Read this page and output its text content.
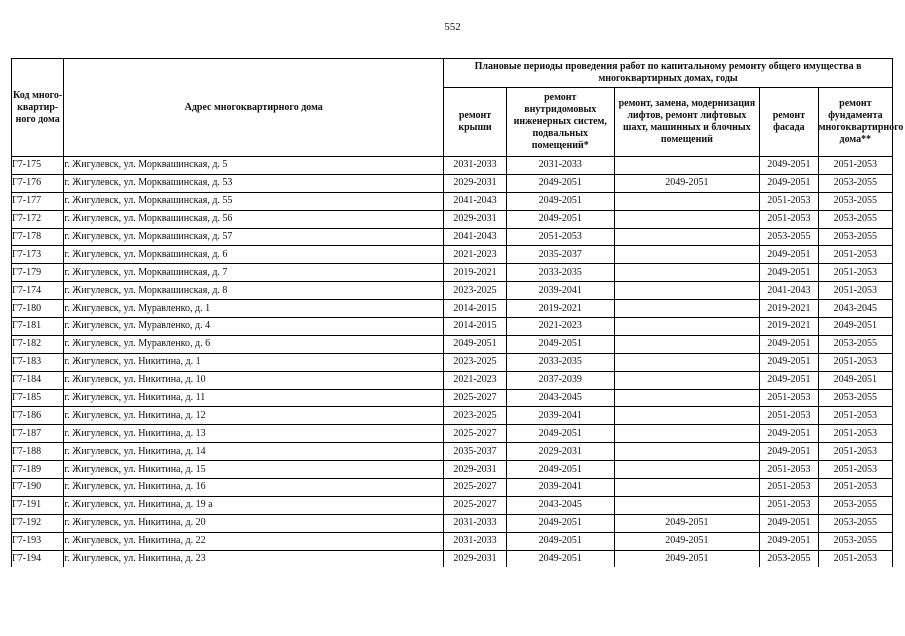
552
Код много-квартир-ного дома	Адрес многоквартирного дома	Плановые периоды проведения работ по капитальному ремонту общего имущества в многоквартирных домах, годы				
		ремонт крыши	ремонт внутридомовых инженерных систем, подвальных помещений*	ремонт, замена, модернизация лифтов, ремонт лифтовых шахт, машинных и блочных помещений	ремонт фасада	ремонт фундамента многоквартирного дома**
Г7-175	г. Жигулевск, ул. Морквашинская, д. 5	2031-2033	2031-2033		2049-2051	2051-2053
Г7-176	г. Жигулевск, ул. Морквашинская, д. 53	2029-2031	2049-2051	2049-2051	2049-2051	2053-2055
Г7-177	г. Жигулевск, ул. Морквашинская, д. 55	2041-2043	2049-2051		2051-2053	2053-2055
Г7-172	г. Жигулевск, ул. Морквашинская, д. 56	2029-2031	2049-2051		2051-2053	2053-2055
Г7-178	г. Жигулевск, ул. Морквашинская, д. 57	2041-2043	2051-2053		2053-2055	2053-2055
Г7-173	г. Жигулевск, ул. Морквашинская, д. 6	2021-2023	2035-2037		2049-2051	2051-2053
Г7-179	г. Жигулевск, ул. Морквашинская, д. 7	2019-2021	2033-2035		2049-2051	2051-2053
Г7-174	г. Жигулевск, ул. Морквашинская, д. 8	2023-2025	2039-2041		2041-2043	2051-2053
Г7-180	г. Жигулевск, ул. Муравленко, д. 1	2014-2015	2019-2021		2019-2021	2043-2045
Г7-181	г. Жигулевск, ул. Муравленко, д. 4	2014-2015	2021-2023		2019-2021	2049-2051
Г7-182	г. Жигулевск, ул. Муравленко, д. 6	2049-2051	2049-2051		2049-2051	2053-2055
Г7-183	г. Жигулевск, ул. Никитина, д. 1	2023-2025	2033-2035		2049-2051	2051-2053
Г7-184	г. Жигулевск, ул. Никитина, д. 10	2021-2023	2037-2039		2049-2051	2049-2051
Г7-185	г. Жигулевск, ул. Никитина, д. 11	2025-2027	2043-2045		2051-2053	2053-2055
Г7-186	г. Жигулевск, ул. Никитина, д. 12	2023-2025	2039-2041		2051-2053	2051-2053
Г7-187	г. Жигулевск, ул. Никитина, д. 13	2025-2027	2049-2051		2049-2051	2051-2053
Г7-188	г. Жигулевск, ул. Никитина, д. 14	2035-2037	2029-2031		2049-2051	2051-2053
Г7-189	г. Жигулевск, ул. Никитина, д. 15	2029-2031	2049-2051		2051-2053	2051-2053
Г7-190	г. Жигулевск, ул. Никитина, д. 16	2025-2027	2039-2041		2051-2053	2051-2053
Г7-191	г. Жигулевск, ул. Никитина, д. 19 а	2025-2027	2043-2045		2051-2053	2053-2055
Г7-192	г. Жигулевск, ул. Никитина, д. 20	2031-2033	2049-2051	2049-2051	2049-2051	2053-2055
Г7-193	г. Жигулевск, ул. Никитина, д. 22	2031-2033	2049-2051	2049-2051	2049-2051	2053-2055
Г7-194	г. Жигулевск, ул. Никитина, д. 23	2029-2031	2049-2051	2049-2051	2053-2055	2051-2053
